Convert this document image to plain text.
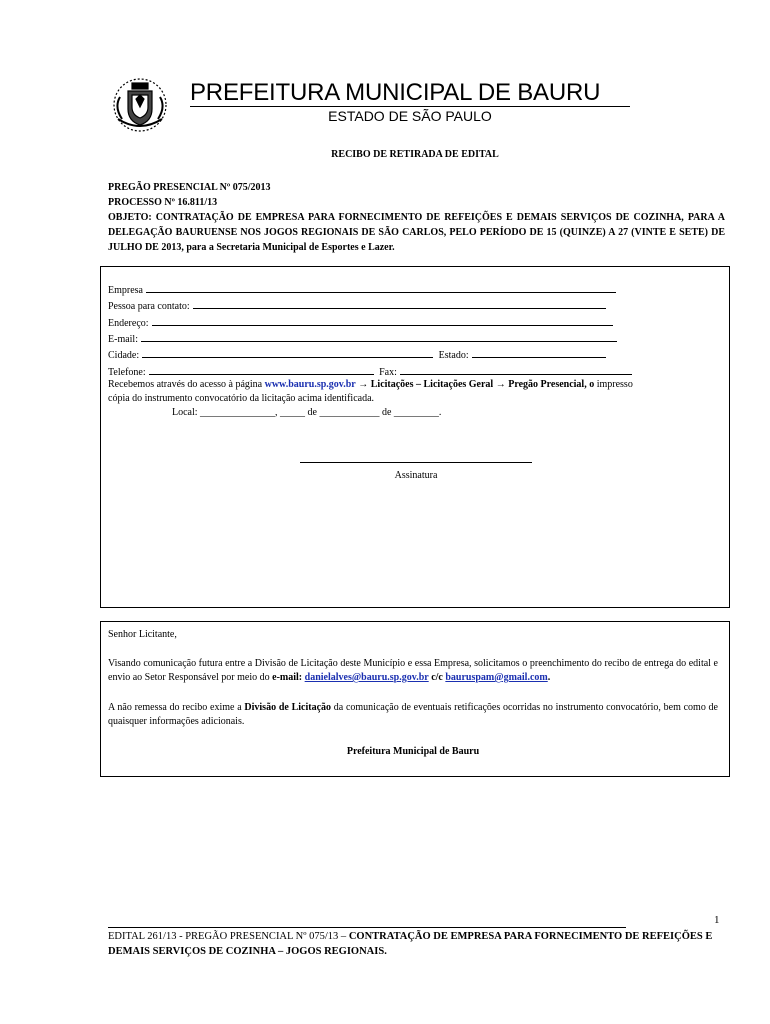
PREFEITURA MUNICIPAL DE BAURU
ESTADO DE SÃO PAULO
RECIBO DE RETIRADA DE EDITAL
PREGÃO PRESENCIAL Nº 075/2013
PROCESSO Nº 16.811/13
OBJETO: CONTRATAÇÃO DE EMPRESA PARA FORNECIMENTO DE REFEIÇÕES E DEMAIS SERVIÇOS DE COZINHA, PARA A DELEGAÇÃO BAURUENSE NOS JOGOS REGIONAIS DE SÃO CARLOS, PELO PERÍODO DE 15 (QUINZE) A 27 (VINTE E SETE) DE JULHO DE 2013, para a Secretaria Municipal de Esportes e Lazer.
Empresa
Pessoa para contato:
Endereço:
E-mail:
Cidade:	Estado:
Telefone:	Fax:
Recebemos através do acesso à página www.bauru.sp.gov.br → Licitações – Licitações Geral → Pregão Presencial, o impresso
cópia do instrumento convocatório da licitação acima identificada.
Local: _______________, _____ de ____________ de _________.
Assinatura
Senhor Licitante,
Visando comunicação futura entre a Divisão de Licitação deste Município e essa Empresa, solicitamos o preenchimento do recibo de entrega do edital e envio ao Setor Responsável por meio do e-mail: danielalves@bauru.sp.gov.br c/c bauruspam@gmail.com.
A não remessa do recibo exime a Divisão de Licitação da comunicação de eventuais retificações ocorridas no instrumento convocatório, bem como de quaisquer informações adicionais.
Prefeitura Municipal de Bauru
1
EDITAL 261/13 - PREGÃO PRESENCIAL Nº 075/13 – CONTRATAÇÃO DE EMPRESA PARA FORNECIMENTO DE REFEIÇÕES E DEMAIS SERVIÇOS DE COZINHA – JOGOS REGIONAIS.
